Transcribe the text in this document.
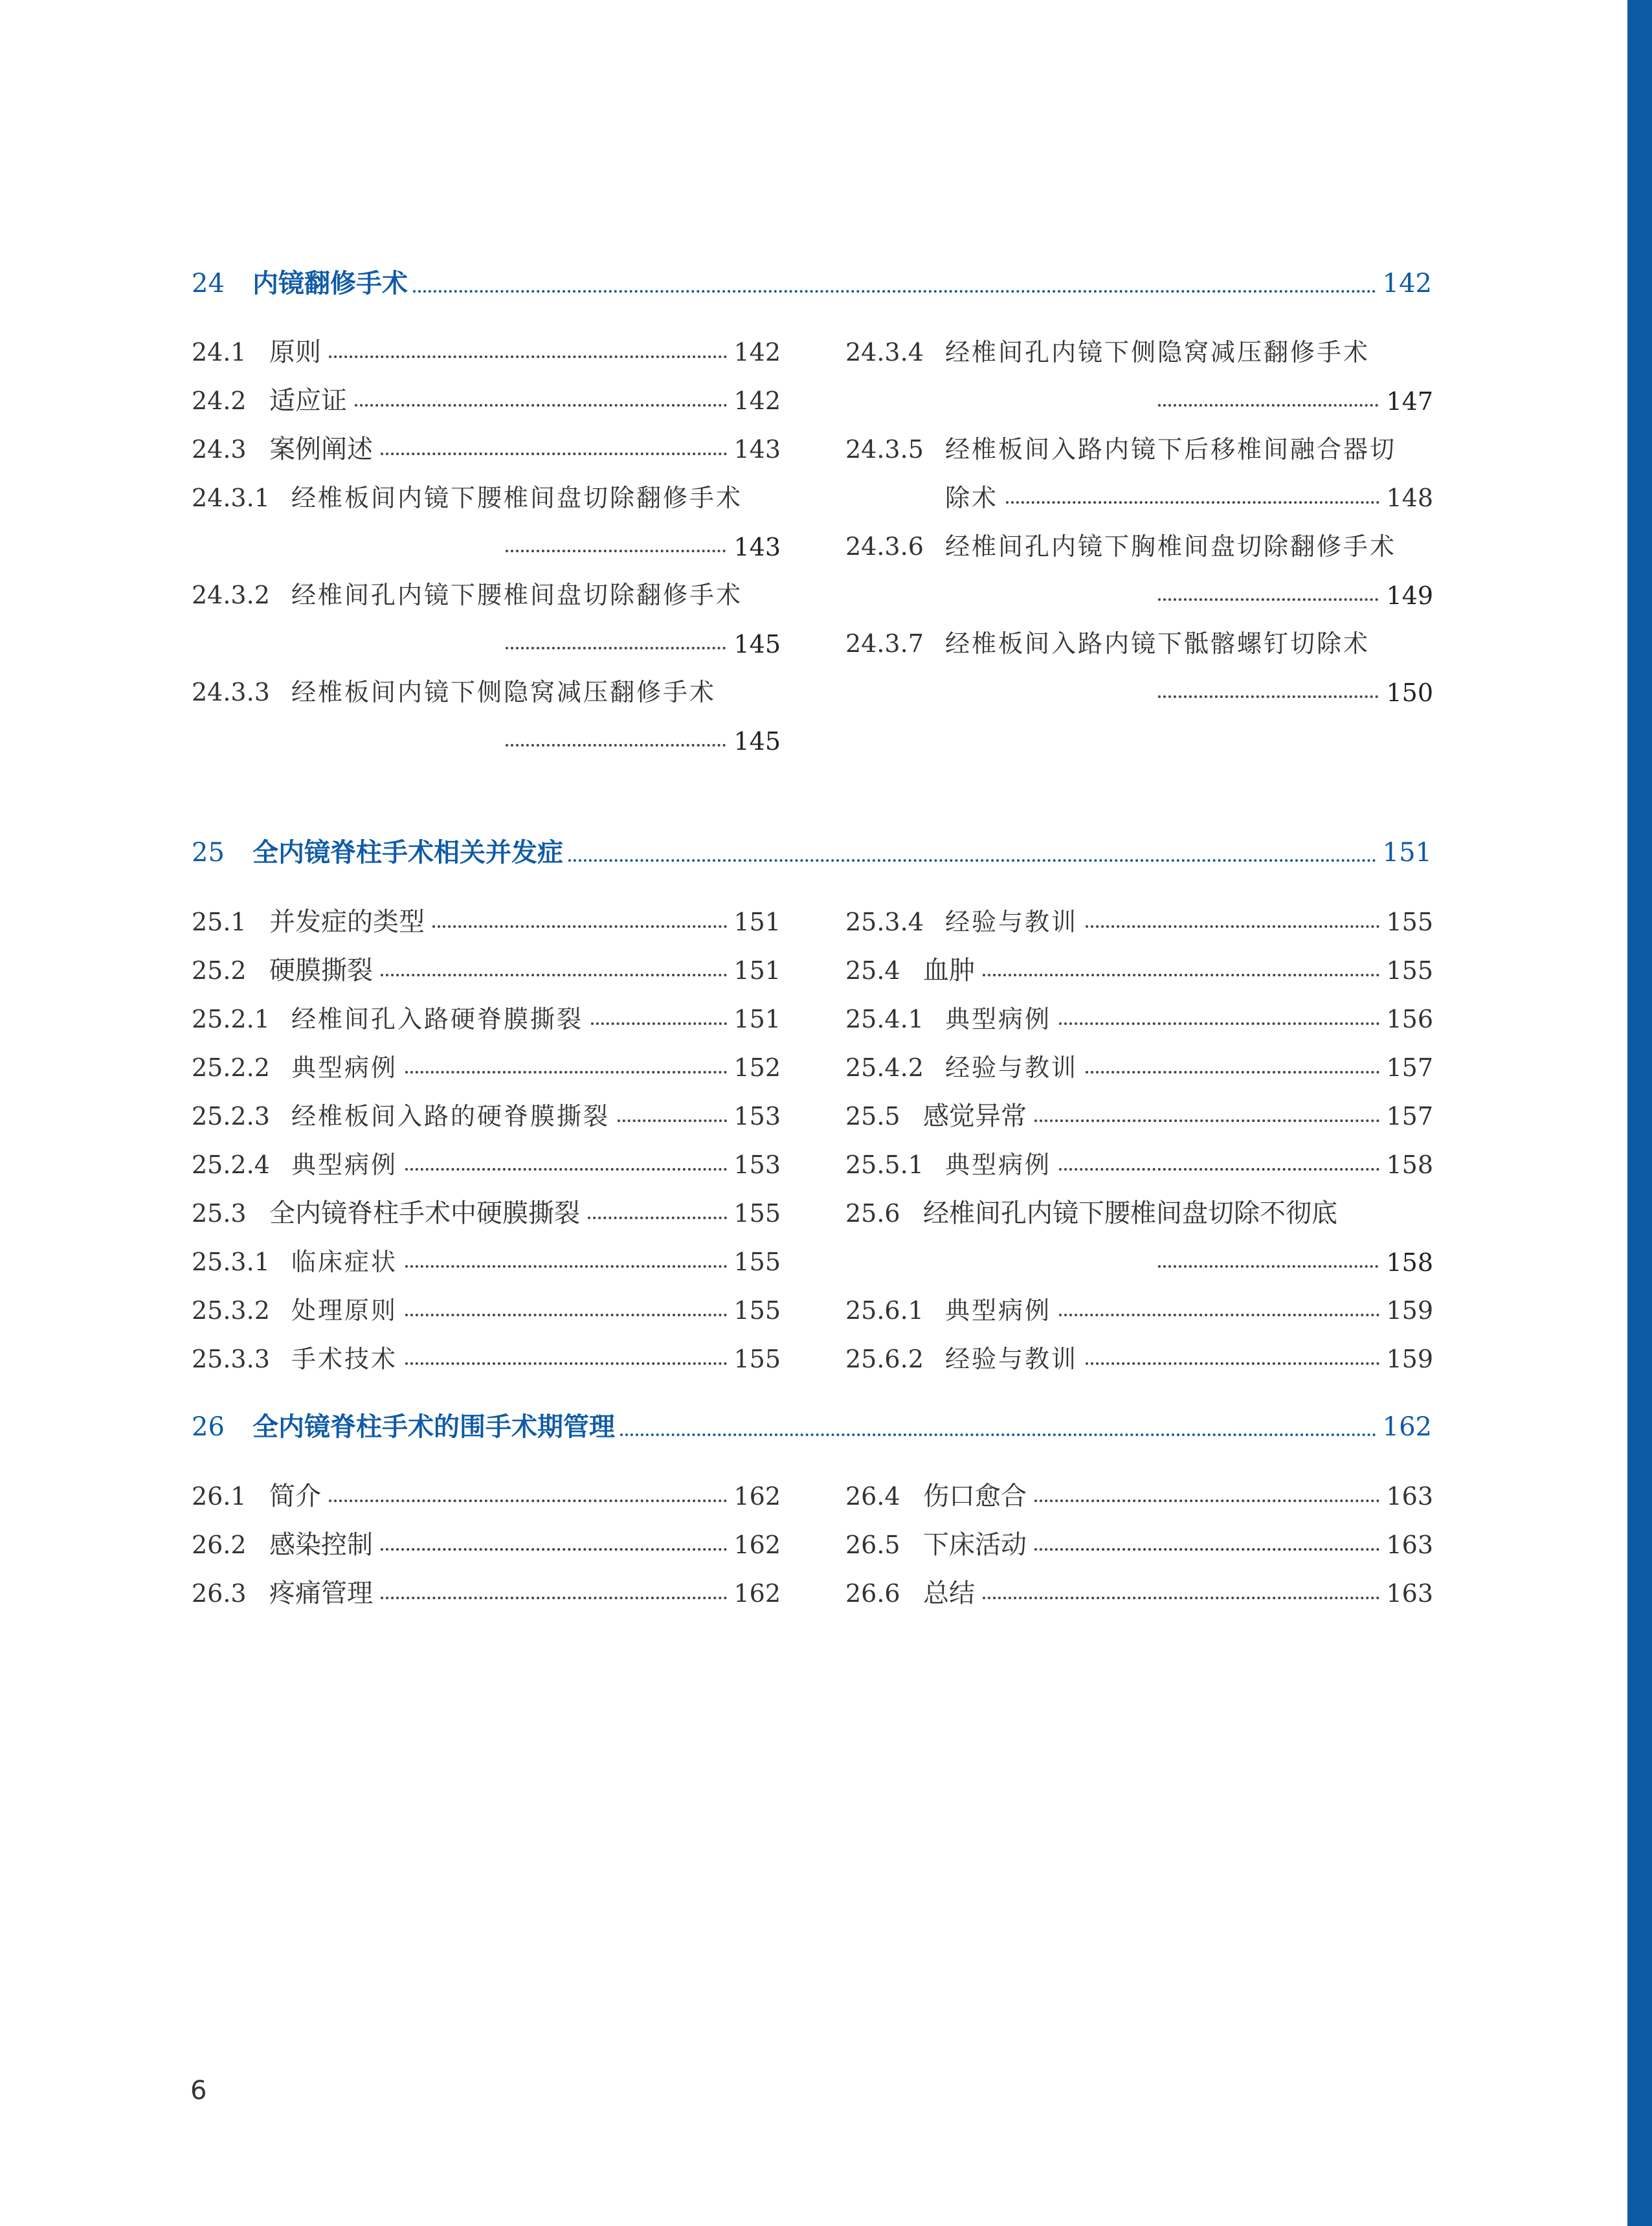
24	内镜翻修手术	142
24.1 原则	142
24.2 适应证	142
24.3 案例阐述	143
24.3.1 经椎板间内镜下腰椎间盘切除翻修手术
143
24.3.2 经椎间孔内镜下腰椎间盘切除翻修手术
145
24.3.3 经椎板间内镜下侧隐窝减压翻修手术
145
24.3.4 经椎间孔内镜下侧隐窝减压翻修手术
147
24.3.5 经椎板间入路内镜下后移椎间融合器切
除术	148
24.3.6 经椎间孔内镜下胸椎间盘切除翻修手术
149
24.3.7 经椎板间入路内镜下骶髂螺钉切除术
150
25	全内镜脊柱手术相关并发症	151
25.1 并发症的类型	151
25.2 硬膜撕裂	151
25.2.1 经椎间孔入路硬脊膜撕裂	151
25.2.2 典型病例	152
25.2.3 经椎板间入路的硬脊膜撕裂	153
25.2.4 典型病例	153
25.3 全内镜脊柱手术中硬膜撕裂	155
25.3.1 临床症状	155
25.3.2 处理原则	155
25.3.3 手术技术	155
25.3.4 经验与教训	155
25.4 血肿	155
25.4.1 典型病例	156
25.4.2 经验与教训	157
25.5 感觉异常	157
25.5.1 典型病例	158
25.6 经椎间孔内镜下腰椎间盘切除不彻底
158
25.6.1 典型病例	159
25.6.2 经验与教训	159
26	全内镜脊柱手术的围手术期管理	162
26.1 简介	162
26.2 感染控制	162
26.3 疼痛管理	162
26.4 伤口愈合	163
26.5 下床活动	163
26.6 总结	163
6
